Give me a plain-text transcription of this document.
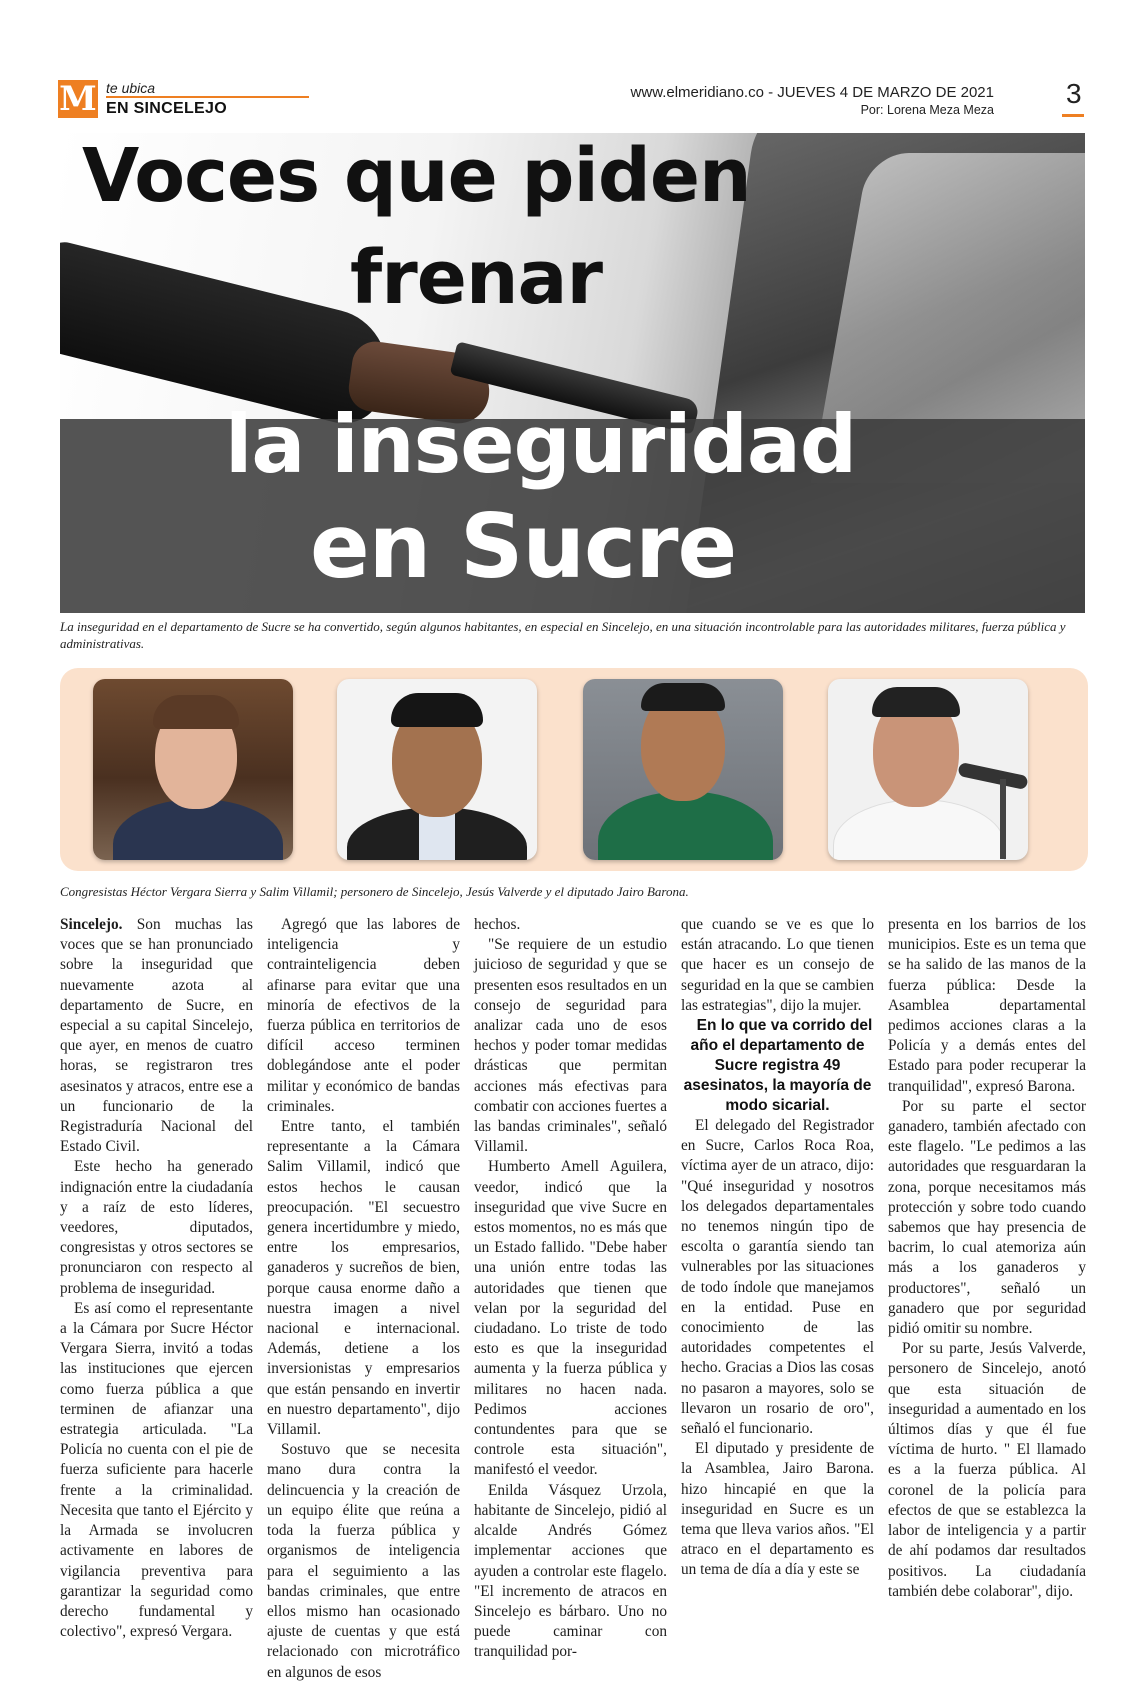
M te ubica
EN SINCELEJO
www.elmeridiano.co - JUEVES 4 DE MARZO DE 2021
Por: Lorena Meza Meza
3
Voces que piden
frenar
la inseguridad
en Sucre
La inseguridad en el departamento de Sucre se ha convertido, según algunos habitantes, en especial en Sincelejo, en una situación incontrolable para las autoridades militares, fuerza pública y administrativas.
Congresistas Héctor Vergara Sierra y Salim Villamil; personero de Sincelejo, Jesús Valverde y el diputado Jairo Barona.

Sincelejo. Son muchas las voces que se han pronunciado sobre la inseguridad que nuevamente azota al departamento de Sucre, en especial a su capital Sincelejo, que ayer, en menos de cuatro horas, se registraron tres asesinatos y atracos, entre ese a un funcionario de la Registraduría Nacional del Estado Civil.

Este hecho ha generado indignación entre la ciudadanía y a raíz de esto líderes, veedores, diputados, congresistas y otros sectores se pronunciaron con respecto al problema de inseguridad.

Es así como el representante a la Cámara por Sucre Héctor Vergara Sierra, invitó a todas las instituciones que ejercen como fuerza pública a que terminen de afianzar una estrategia articulada. "La Policía no cuenta con el pie de fuerza suficiente para hacerle frente a la criminalidad. Necesita que tanto el Ejército y la Armada se involucren activamente en labores de vigilancia preventiva para garantizar la seguridad como derecho fundamental y colectivo", expresó Vergara.

Agregó que las labores de inteligencia y contrainteligencia deben afinarse para evitar que una minoría de efectivos de la fuerza pública en territorios de difícil acceso terminen doblegándose ante el poder militar y económico de bandas criminales.

Entre tanto, el también representante a la Cámara Salim Villamil, indicó que estos hechos le causan preocupación. "El secuestro genera incertidumbre y miedo, entre los empresarios, ganaderos y sucreños de bien, porque causa enorme daño a nuestra imagen a nivel nacional e internacional. Además, detiene a los inversionistas y empresarios que están pensando en invertir en nuestro departamento", dijo Villamil.

Sostuvo que se necesita mano dura contra la delincuencia y la creación de un equipo élite que reúna a toda la fuerza pública y organismos de inteligencia para el seguimiento a las bandas criminales, que entre ellos mismo han ocasionado ajuste de cuentas y que está relacionado con microtráfico en algunos de esos

hechos.

"Se requiere de un estudio juicioso de seguridad y que se presenten esos resultados en un consejo de seguridad para analizar cada uno de esos hechos y poder tomar medidas drásticas que permitan acciones más efectivas para combatir con acciones fuertes a las bandas criminales", señaló Villamil.

Humberto Amell Aguilera, veedor, indicó que la inseguridad que vive Sucre en estos momentos, no es más que un Estado fallido. "Debe haber una unión entre todas las autoridades que tienen que velan por la seguridad del ciudadano. Lo triste de todo esto es que la inseguridad aumenta y la fuerza pública y militares no hacen nada. Pedimos acciones contundentes para que se controle esta situación", manifestó el veedor.

Enilda Vásquez Urzola, habitante de Sincelejo, pidió al alcalde Andrés Gómez implementar acciones que ayuden a controlar este flagelo. "El incremento de atracos en Sincelejo es bárbaro. Uno no puede caminar con tranquilidad por-

que cuando se ve es que lo están atracando. Lo que tienen que hacer es un consejo de seguridad en la que se cambien las estrategias", dijo la mujer.

En lo que va corrido del año el departamento de Sucre registra 49 asesinatos, la mayoría de modo sicarial.

El delegado del Registrador en Sucre, Carlos Roca Roa, víctima ayer de un atraco, dijo: "Qué inseguridad y nosotros los delegados departamentales no tenemos ningún tipo de escolta o garantía siendo tan vulnerables por las situaciones de todo índole que manejamos en la entidad. Puse en conocimiento de las autoridades competentes el hecho. Gracias a Dios las cosas no pasaron a mayores, solo se llevaron un rosario de oro", señaló el funcionario.

El diputado y presidente de la Asamblea, Jairo Barona. hizo hincapié en que la inseguridad en Sucre es un tema que lleva varios años. "El atraco en el departamento es un tema de día a día y este se

presenta en los barrios de los municipios. Este es un tema que se ha salido de las manos de la fuerza pública: Desde la Asamblea departamental pedimos acciones claras a la Policía y a demás entes del Estado para poder recuperar la tranquilidad", expresó Barona.

Por su parte el sector ganadero, también afectado con este flagelo. "Le pedimos a las autoridades que resguardaran la zona, porque necesitamos más protección y sobre todo cuando sabemos que hay presencia de bacrim, lo cual atemoriza aún más a los ganaderos y productores", señaló un ganadero que por seguridad pidió omitir su nombre.

Por su parte, Jesús Valverde, personero de Sincelejo, anotó que esta situación de inseguridad a aumentado en los últimos días y que él fue víctima de hurto. " El llamado es a la fuerza pública. Al coronel de la policía para efectos de que se establezca la labor de inteligencia y a partir de ahí podamos dar resultados positivos. La ciudadanía también debe colaborar", dijo.
